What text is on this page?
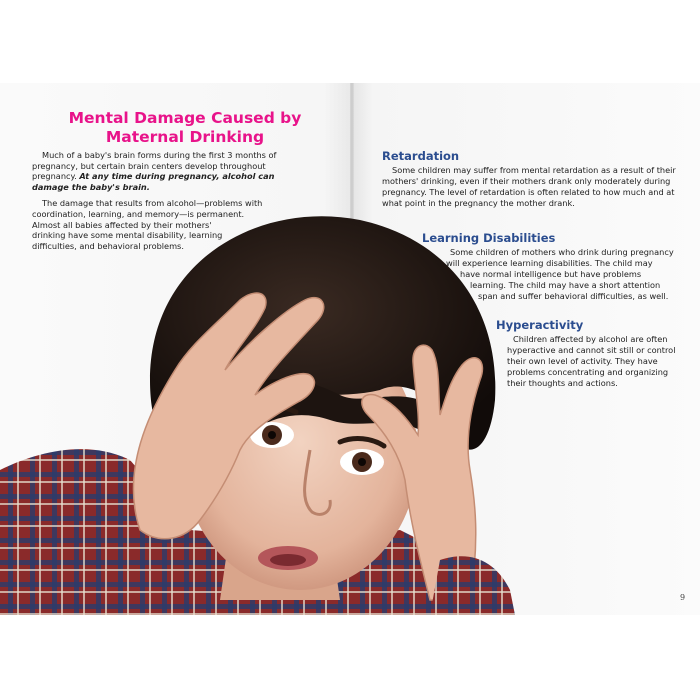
Mental Damage Caused by
Maternal Drinking

Much of a baby's brain forms during the first 3 months of pregnancy, but certain brain centers develop throughout pregnancy. At any time during pregnancy, alcohol can damage the baby's brain.

The damage that results from alcohol—problems with
coordination, learning, and memory—is permanent.
Almost all babies affected by their mothers'
drinking have some mental disability, learning
difficulties, and behavioral problems.
Retardation
Some children may suffer from mental retardation as a result of their
mothers' drinking, even if their mothers drank only moderately during
pregnancy. The level of retardation is often related to how much and at
what point in the pregnancy the mother drank.
Learning Disabilities
Some children of mothers who drink during pregnancy
will experience learning disabilities. The child may
have normal intelligence but have problems
learning. The child may have a short attention
span and suffer behavioral difficulties, as well.
Hyperactivity
Children affected by alcohol are often
hyperactive and cannot sit still or control
their own level of activity. They have
problems concentrating and organizing
their thoughts and actions.
9
